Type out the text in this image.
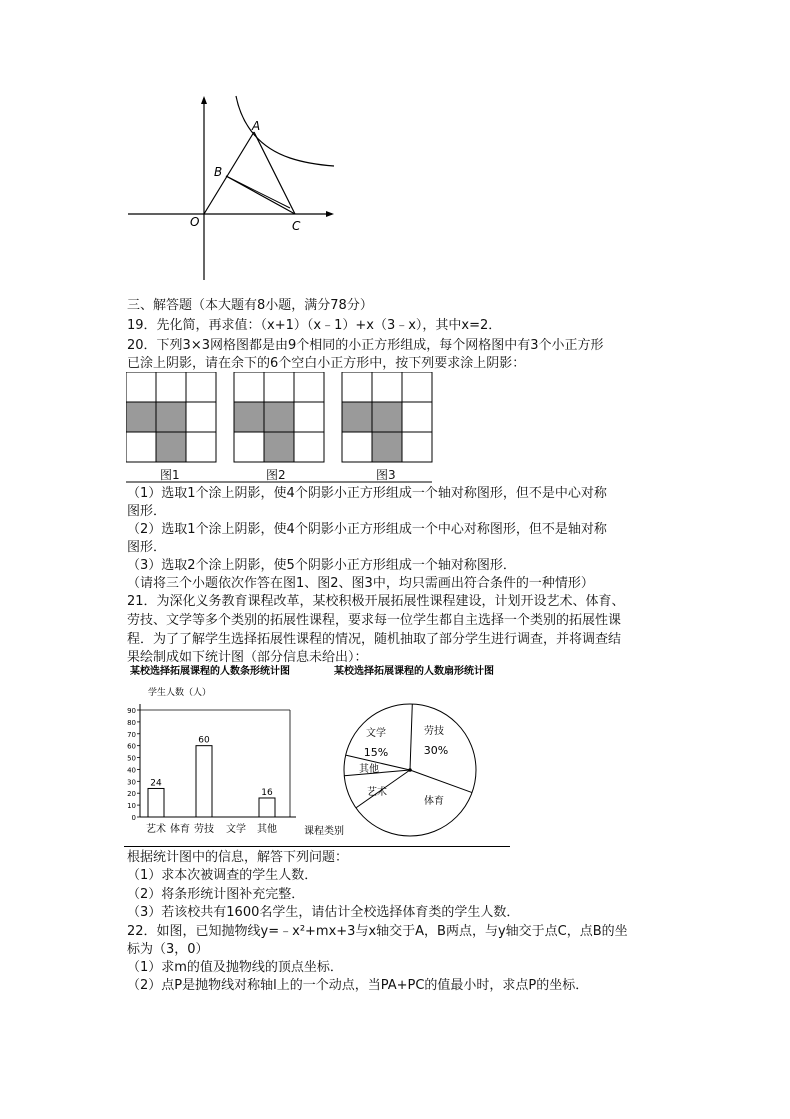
A
B
O	C
三、解答题（本大题有8小题，满分78分）
19．先化简，再求值：（x+1）（x﹣1）+x（3﹣x），其中x=2．
20．下列3×3网格图都是由9个相同的小正方形组成，每个网格图中有3个小正方形
已涂上阴影，请在余下的6个空白小正方形中，按下列要求涂上阴影：
图1	图2	图3
（1）选取1个涂上阴影，使4个阴影小正方形组成一个轴对称图形，但不是中心对称
图形．
（2）选取1个涂上阴影，使4个阴影小正方形组成一个中心对称图形，但不是轴对称
图形．
（3）选取2个涂上阴影，使5个阴影小正方形组成一个轴对称图形．
（请将三个小题依次作答在图1、图2、图3中，均只需画出符合条件的一种情形）
21．为深化义务教育课程改革，某校积极开展拓展性课程建设，计划开设艺术、体育、
劳技、文学等多个类别的拓展性课程，要求每一位学生都自主选择一个类别的拓展性课
程．为了了解学生选择拓展性课程的情况，随机抽取了部分学生进行调查，并将调查结
果绘制成如下统计图（部分信息未给出）：
某校选择拓展课程的人数条形统计图
学生人数（人）
0
10
20
30
40
50
60
70
80
90
艺术
24
体育 劳技
60
文学 其他
16
课程类别
某校选择拓展课程的人数扇形统计图
劳技
30%
体育
艺术
其他
文学
15%
根据统计图中的信息，解答下列问题：
（1）求本次被调查的学生人数．
（2）将条形统计图补充完整．
（3）若该校共有1600名学生，请估计全校选择体育类的学生人数．
22．如图，已知抛物线y=﹣x²+mx+3与x轴交于A，B两点，与y轴交于点C，点B的坐
标为（3，0）
（1）求m的值及抛物线的顶点坐标．
（2）点P是抛物线对称轴l上的一个动点，当PA+PC的值最小时，求点P的坐标．
